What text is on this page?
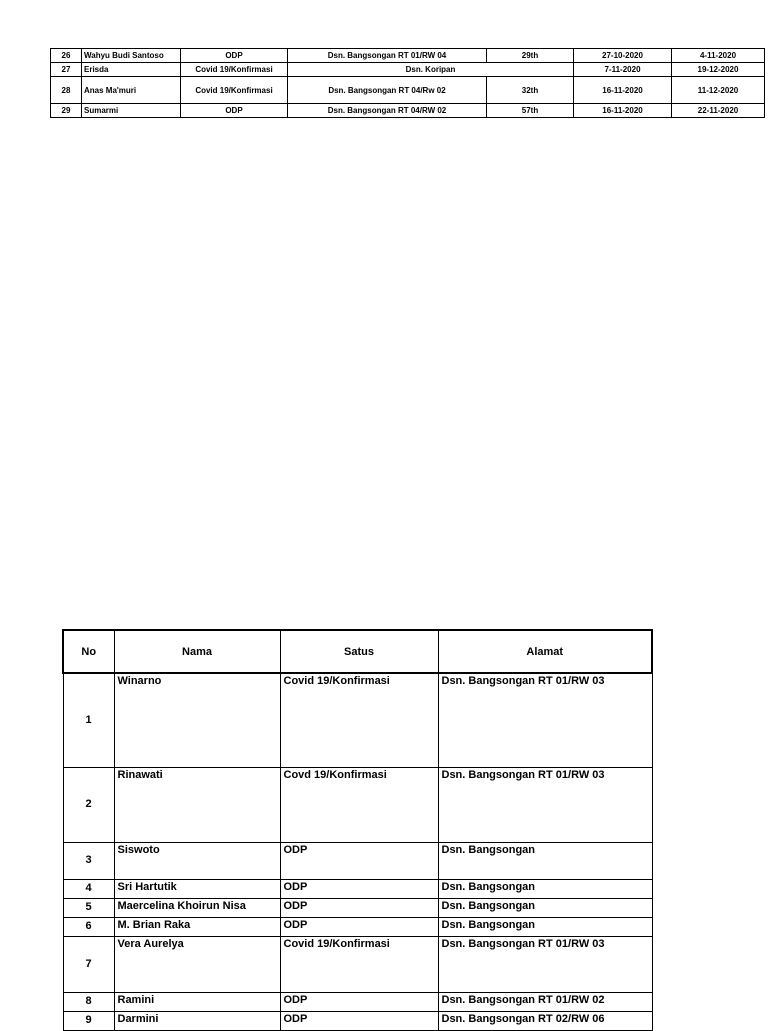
26	Wahyu Budi Santoso	ODP	Dsn. Bangsongan RT 01/RW 04	29th	27-10-2020	4-11-2020
27	Erisda	Covid 19/Konfirmasi	Dsn. Koripan		7-11-2020	19-12-2020
28	Anas Ma'muri	Covid 19/Konfirmasi	Dsn. Bangsongan RT 04/Rw 02	32th	16-11-2020	11-12-2020
29	Sumarmi	ODP	Dsn. Bangsongan RT 04/RW 02	57th	16-11-2020	22-11-2020
No	Nama	Satus	Alamat
1	Winarno	Covid 19/Konfirmasi	Dsn. Bangsongan RT 01/RW 03
2	Rinawati	Covd 19/Konfirmasi	Dsn. Bangsongan RT 01/RW 03
3	Siswoto	ODP	Dsn. Bangsongan
4	Sri Hartutik	ODP	Dsn. Bangsongan
5	Maercelina Khoirun Nisa	ODP	Dsn. Bangsongan
6	M. Brian Raka	ODP	Dsn. Bangsongan
7	Vera Aurelya	Covid 19/Konfirmasi	Dsn. Bangsongan RT 01/RW 03
8	Ramini	ODP	Dsn. Bangsongan RT 01/RW 02
9	Darmini	ODP	Dsn. Bangsongan RT 02/RW 06
